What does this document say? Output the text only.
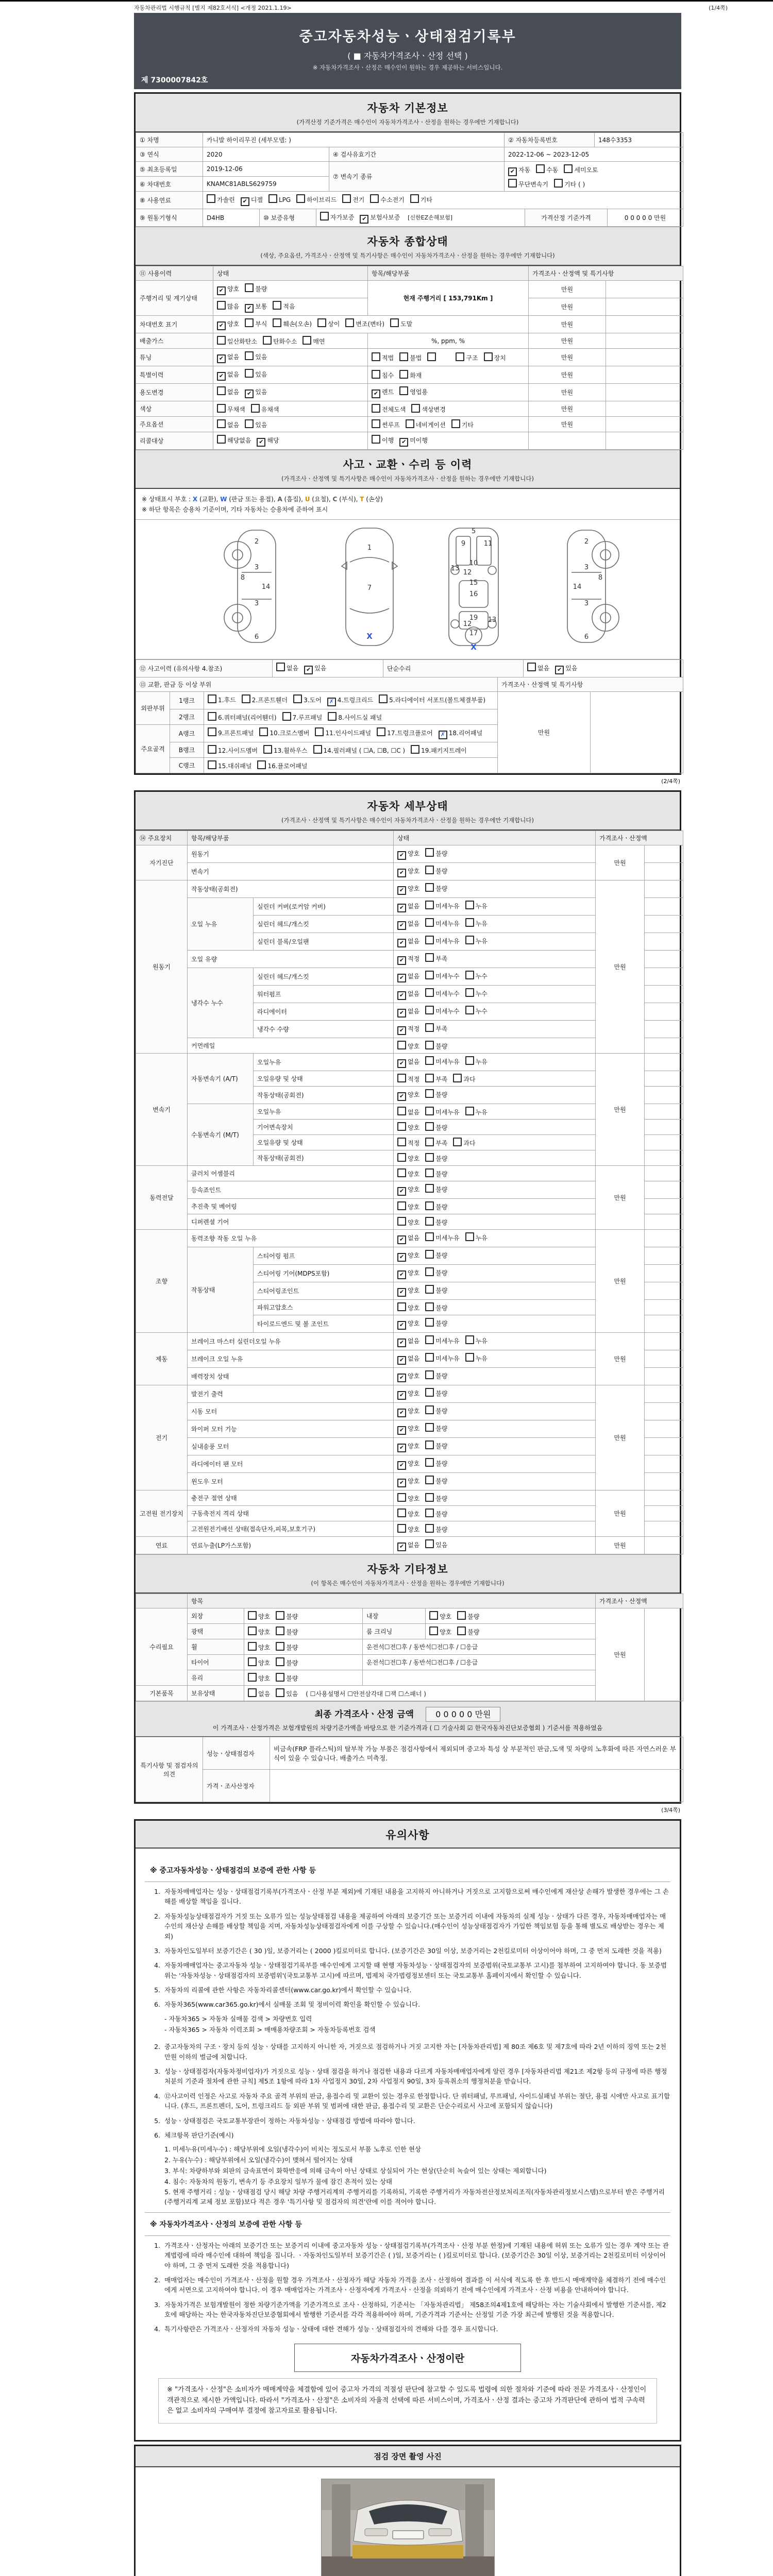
자동차관리법 시행규칙 [별지 제82호서식] <개정 2021.1.19>	(1/4쪽)
중고자동차성능ㆍ상태점검기록부
( ■ 자동차가격조사ㆍ산정 선택 )
※ 자동차가격조사ㆍ산정은 매수인이 원하는 경우 제공하는 서비스입니다.
제 7300007842호
자동차 기본정보
(가격산정 기준가격은 매수인이 자동차가격조사ㆍ산정을 원하는 경우에만 기재합니다)
① 차명	카니발 하이리무진 (세부모델: )		② 자동차등록번호	148수3353
③ 연식	2020	④ 검사유효기간	2022-12-06 ~ 2023-12-05	
⑤ 최초등록일	2019-12-06	⑦ 변속기 종류	✔ 자동 수동 세미오토
무단변속기 기타 ( )	

⑥ 차대번호	KNAMC81ABLS629759			
⑧ 사용연료	가솔린 ✔ 디젤 LPG 하이브리드 전기 수소전기 기타			
⑨ 원동기형식	D4HB	⑩ 보증유형	자가보증 ✔ 보험사보증 [신한EZ손해보험]	가격산정 기준가격	0 0 0 0 0 만원
자동차 종합상태
(색상, 주요옵션, 가격조사ㆍ산정액 및 특기사항은 매수인이 자동차가격조사ㆍ산정을 원하는 경우에만 기재합니다)
⑪ 사용이력	상태	항목/해당부품	가격조사ㆍ산정액 및 특기사항	
주행거리 및 계기상태	✔ 양호 불량	현재 주행거리 [ 153,791Km ]	만원	
	많음 ✔ 보통 적음		만원	
차대번호 표기	✔ 양호 부식 훼손(오손) 상이 변조(변타) 도말		만원	
배출가스	일산화탄소 탄화수소 매연	%, ppm, %	만원	
튜닝	✔ 없음 있음	적법 불법　　 구조 장치	만원	
특별이력	✔ 없음 있음	침수 화재	만원	
용도변경	없음 ✔ 있음	✔ 렌트 영업용	만원	
색상	무채색 유채색	전체도색 색상변경	만원	
주요옵션	없음 있음	썬루프 네비게이션 기타	만원	
리콜대상	해당없음 ✔ 해당	이행 ✔ 미이행		
사고ㆍ교환ㆍ수리 등 이력
(가격조사ㆍ산정액 및 특기사항은 매수인이 자동차가격조사ㆍ산정을 원하는 경우에만 기재합니다)
※ 상태표시 부호 : X (교환), W (판금 또는 용접), A (흠집), U (요철), C (부식), T (손상)
※ 하단 항목은 승용차 기준이며, 기타 자동차는 승용차에 준하여 표시
2
8
3
14
3
6
1
7
X
5
9	11
13
12
10
15
16
19 13
12
17
X
2
8
3
14
3
6
⑫ 사고이력 (유의사항 4.참조)	없음 ✔ 있음	단순수리	없음 ✔ 있음
⑬ 교환, 판금 등 이상 부위			가격조사ㆍ산정액 및 특기사항	
외판부위	1랭크	1.후드 2.프론트휀더 3.도어 ✗ 4.트렁크리드 5.라디에이터 서포트(볼트체결부품)	만원	
	2랭크	6.쿼터패널(리어휀더) 7.루프패널 8.사이드실 패널		
주요골격	A랭크	9.프론트패널 10.크로스멤버 11.인사이드패널 17.트렁크플로어 ✗ 18.리어패널		
	B랭크	12.사이드멤버 13.휠하우스 14.필러패널 ( ☐A, ☐B, ☐C ) 19.패키지트레이		
	C랭크	15.대쉬패널 16.플로어패널		
(2/4쪽)
자동차 세부상태
(가격조사ㆍ산정액 및 특기사항은 매수인이 자동차가격조사ㆍ산정을 원하는 경우에만 기재합니다)
⑭ 주요장치	항목/해당부품		상태	가격조사ㆍ산정액	
자기진단	원동기		✔ 양호 불량	만원	
	변속기		✔ 양호 불량		
원동기	작동상태(공회전)		✔ 양호 불량	만원	
	오일 누유	실린더 커버(로커암 커버)	✔ 없음 미세누유 누유		
		실린더 헤드/개스킷	✔ 없음 미세누유 누유		
		실린더 블록/오일팬	✔ 없음 미세누유 누유		
	오일 유량		✔ 적정 부족		
	냉각수 누수	실린더 헤드/개스킷	✔ 없음 미세누수 누수		
		워터펌프	✔ 없음 미세누수 누수		
		라디에이터	✔ 없음 미세누수 누수		
		냉각수 수량	✔ 적정 부족		
	커먼레일		양호 불량		
변속기	자동변속기 (A/T)	오일누유	✔ 없음 미세누유 누유	만원	
		오일유량 및 상태	적정 부족 과다		
		작동상태(공회전)	✔ 양호 불량		
	수동변속기 (M/T)	오일누유	없음 미세누유 누유		
		기어변속장치	양호 불량		
		오일유량 및 상태	적정 부족 과다		
		작동상태(공회전)	양호 불량		
동력전달	클러치 어셈블리		양호 불량	만원	
	등속죠인트		✔ 양호 불량		
	추진축 및 베어링		양호 불량		
	디퍼렌셜 기어		양호 불량		
조향	동력조향 작동 오일 누유		✔ 없음 미세누유 누유	만원	
	작동상태	스티어링 펌프	✔ 양호 불량		
		스티어링 기어(MDPS포함)	✔ 양호 불량		
		스티어링조인트	✔ 양호 불량		
		파워고압호스	양호 불량		
		타이로드엔드 및 볼 조인트	✔ 양호 불량		
제동	브레이크 마스터 실린더오일 누유		✔ 없음 미세누유 누유	만원	
	브레이크 오일 누유		✔ 없음 미세누유 누유		
	배력장치 상태		✔ 양호 불량		
전기	발전기 출력		✔ 양호 불량	만원	
	시동 모터		✔ 양호 불량		
	와이퍼 모터 기능		✔ 양호 불량		
	실내송풍 모터		✔ 양호 불량		
	라디에이터 팬 모터		✔ 양호 불량		
	윈도우 모터		✔ 양호 불량		
고전원 전기장치	충전구 절연 상태		양호 불량	만원	
	구동축전지 격리 상태		양호 불량		
	고전원전기배선 상태(접속단자,피복,보호기구)		양호 불량		
연료	연료누출(LP가스포함)		✔ 없음 있음	만원	
자동차 기타정보
(이 항목은 매수인이 자동차가격조사ㆍ산정을 원하는 경우에만 기재합니다)
	항목				가격조사ㆍ산정액	
수리필요	외장	양호 불량	내장	양호 불량	만원	
	광택	양호 불량	룸 크리닝	양호 불량		
	휠	양호 불량	운전석☐전☐후 / 동반석☐전☐후 / ☐응급			
	타이어	양호 불량	운전석☐전☐후 / 동반석☐전☐후 / ☐응급			
	유리	양호 불량				
기본품목	보유상태	없음 있음 ( ☐사용설명서 ☐안전삼각대 ☐잭 ☐스패너 )				
최종 가격조사ㆍ산정 금액	0 0 0 0 0 만원
이 가격조사ㆍ산정가격은 보험개발원의 차량기준가액을 바탕으로 한 기준가격과 ( ☐ 기술사회 ☑ 한국자동차진단보증협회 ) 기준서를 적용하였음
특기사항 및 점검자의 의견	성능ㆍ상태점검자	비금속(FRP 플라스틱)의 탈부착 가능 부품은 점검사항에서 제외되며 중고차 특성 상 부분적인 판금,도색 및 차량의 노후화에 따른 자연스러운 부식이 있을 수 있습니다. 배출가스 미측정.
	가격ㆍ조사산정자	
(3/4쪽)
유의사항
※ 중고자동차성능ㆍ상태점검의 보증에 관한 사항 등
1. 자동차매매업자는 성능ㆍ상태점검기록부(가격조사ㆍ산정 부분 제외)에 기재된 내용을 고지하지 아니하거나 거짓으로 고지함으로써 매수인에게 재산상 손해가 발생한 경우에는 그 손해를 배상할 책임을 집니다.
2. 자동차성능상태점검자가 거짓 또는 오류가 있는 성능상태점검 내용을 제공하여 아래의 보증기간 또는 보증거리 이내에 자동차의 실제 성능ㆍ상태가 다른 경우, 자동차매매업자는 매수인의 재산상 손해를 배상할 책임을 지며, 자동차성능상태점검자에게 이를 구상할 수 있습니다.(매수인이 성능상태점검자가 가입한 책임보험 등을 통해 별도로 배상받는 경우는 제외)
3. 자동차인도일부터 보증기간은 ( 30 )일, 보증거리는 ( 2000 )킬로미터로 합니다. (보증기간은 30일 이상, 보증거리는 2천킬로미터 이상이어야 하며, 그 중 먼저 도래한 것을 적용)
4. 자동차매매업자는 중고자동차 성능ㆍ상태점검기록부를 매수인에게 고지할 때 현행 자동차성능ㆍ상태점검자의 보증범위(국토교통부 고시)를 첨부하여 고지하여야 합니다. 동 보증범위는 '자동차성능ㆍ상태점검자의 보증범위'(국토교통부 고시)에 따르며, 법제처 국가법령정보센터 또는 국토교통부 홈페이지에서 확인할 수 있습니다.
5. 자동차의 리콜에 관한 사항은 자동차리콜센터(www.car.go.kr)에서 확인할 수 있습니다.
6. 자동차365(www.car365.go.kr)에서 실매물 조회 및 정비이력 확인을 확인할 수 있습니다.
- 자동차365 > 자동차 실매물 검색 > 차량번호 입력
- 자동차365 > 자동차 이력조회 > 매매용차량조회 > 자동차등록번호 검색
2. 중고자동차의 구조ㆍ장치 등의 성능ㆍ상태를 고지하지 아니한 자, 거짓으로 점검하거나 거짓 고지한 자는 [자동차관리법] 제 80조 제6호 및 제7호에 따라 2년 이하의 징역 또는 2천만원 이하의 벌금에 처합니다.
3. 성능ㆍ상태점검자(자동차정비업자)가 거짓으로 성능ㆍ상태 점검을 하거나 점검한 내용과 다르게 자동차매매업자에게 알린 경우 [자동차관리법 제21조 제2항 등의 규정에 따른 행정처분의 기준과 절차에 관한 규칙] 제5조 1항에 따라 1차 사업정지 30일, 2차 사업정지 90일, 3차 등록취소의 행정처분을 받습니다.
4. ⑫사고이력 인정은 사고로 자동차 주요 골격 부위의 판금, 용접수리 및 교환이 있는 경우로 한정합니다. 단 쿼터패널, 루프패널, 사이드실패널 부위는 절단, 용접 시에만 사고로 표기합니다. (후드, 프론트펜더, 도어, 트렁크리드 등 외판 부위 및 범퍼에 대한 판금, 용접수리 및 교환은 단순수리로서 사고에 포함되지 않습니다)
5. 성능ㆍ상태점검은 국토교통부장관이 정하는 자동차성능ㆍ상태점검 방법에 따라야 합니다.
6. 체크항목 판단기준(예시)
1. 미세누유(미세누수) : 해당부위에 오일(냉각수)이 비치는 정도로서 부품 노후로 인한 현상
2. 누유(누수) : 해당부위에서 오일(냉각수)이 맺혀서 떨어지는 상태
3. 부식: 차량하부와 외판의 금속표면이 화학반응에 의해 금속이 아닌 상태로 상실되어 가는 현상(단순히 녹슬어 있는 상태는 제외합니다)
4. 침수: 자동차의 원동기, 변속기 등 주요장치 일부가 물에 잠긴 흔적이 있는 상태
5. 현재 주행거리 : 성능ㆍ상태점검 당시 해당 차량 주행거리계의 주행거리를 기록하되, 기록한 주행거리가 자동차전산정보처리조직(자동차관리정보시스템)으로부터 받은 주행거리(주행거리계 교체 정보 포함)보다 적은 경우 '특기사항 및 점검자의 의견'란에 이를 적어야 합니다.
※ 자동차가격조사ㆍ산정의 보증에 관한 사항 등
1. 가격조사ㆍ산정자는 아래의 보증기간 또는 보증거리 이내에 중고자동차 성능ㆍ상태점검기록부(가격조사ㆍ산정 부분 한정)에 기재된 내용에 허위 또는 오류가 있는 경우 계약 또는 관계법령에 따라 매수인에 대하여 책임을 집니다. ㆍ자동차인도일부터 보증기간은 ( )일, 보증거리는 ( )킬로미터로 합니다. (보증기간은 30일 이상, 보증거리는 2천킬로미터 이상이어야 하며, 그 중 먼저 도래한 것을 적용합니다)
2. 매매업자는 매수인이 가격조사ㆍ산정을 원할 경우 가격조사ㆍ산정자가 해당 자동차 가격을 조사ㆍ산정하여 결과를 이 서식에 적도록 한 후 반드시 매매계약을 체결하기 전에 매수인에게 서면으로 고지하여야 합니다. 이 경우 매매업자는 가격조사ㆍ산정자에게 가격조사ㆍ산정을 의뢰하기 전에 매수인에게 가격조사ㆍ산정 비용을 안내하여야 합니다.
3. 자동차가격은 보험개발원이 정한 차량기준가액을 기준가격으로 조사ㆍ산정하되, 기준서는 「자동차관리법」 제58조의4제1호에 해당하는 자는 기술사회에서 발행한 기준서를, 제2호에 해당하는 자는 한국자동차진단보증협회에서 발행한 기준서를 각각 적용하여야 하며, 기준가격과 기준서는 산정일 기준 가장 최근에 발행된 것을 적용합니다.
4. 특기사항란은 가격조사ㆍ산정자의 자동차 성능ㆍ상태에 대한 견해가 성능ㆍ상태점검자의 견해와 다를 경우 표시합니다.
자동차가격조사ㆍ산정이란
※ "가격조사ㆍ산정"은 소비자가 매매계약을 체결함에 있어 중고차 가격의 적절성 판단에 참고할 수 있도록 법령에 의한 절차와 기준에 따라 전문 가격조사ㆍ산정인이 객관적으로 제시한 가액입니다. 따라서 "가격조사ㆍ산정"은 소비자의 자율적 선택에 따른 서비스이며, 가격조사ㆍ산정 결과는 중고차 가격판단에 관하여 법적 구속력은 없고 소비자의 구매여부 결정에 참고자료로 활용됩니다.
점검 장면 촬영 사진
